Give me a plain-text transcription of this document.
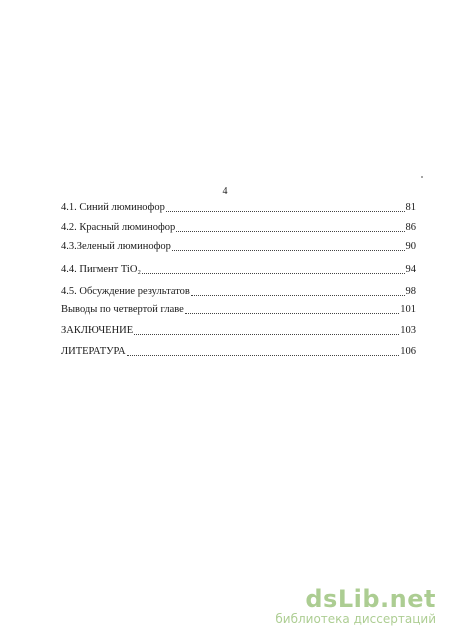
4
4.1. Синий люминофор	81
4.2. Красный люминофор	86
4.3.Зеленый люминофор	90
4.4. Пигмент TiO₂	94
4.5. Обсуждение результатов	98
Выводы по четвертой главе	101
ЗАКЛЮЧЕНИЕ	103
ЛИТЕРАТУРА	106
dsLib.net
библиотека диссертаций
